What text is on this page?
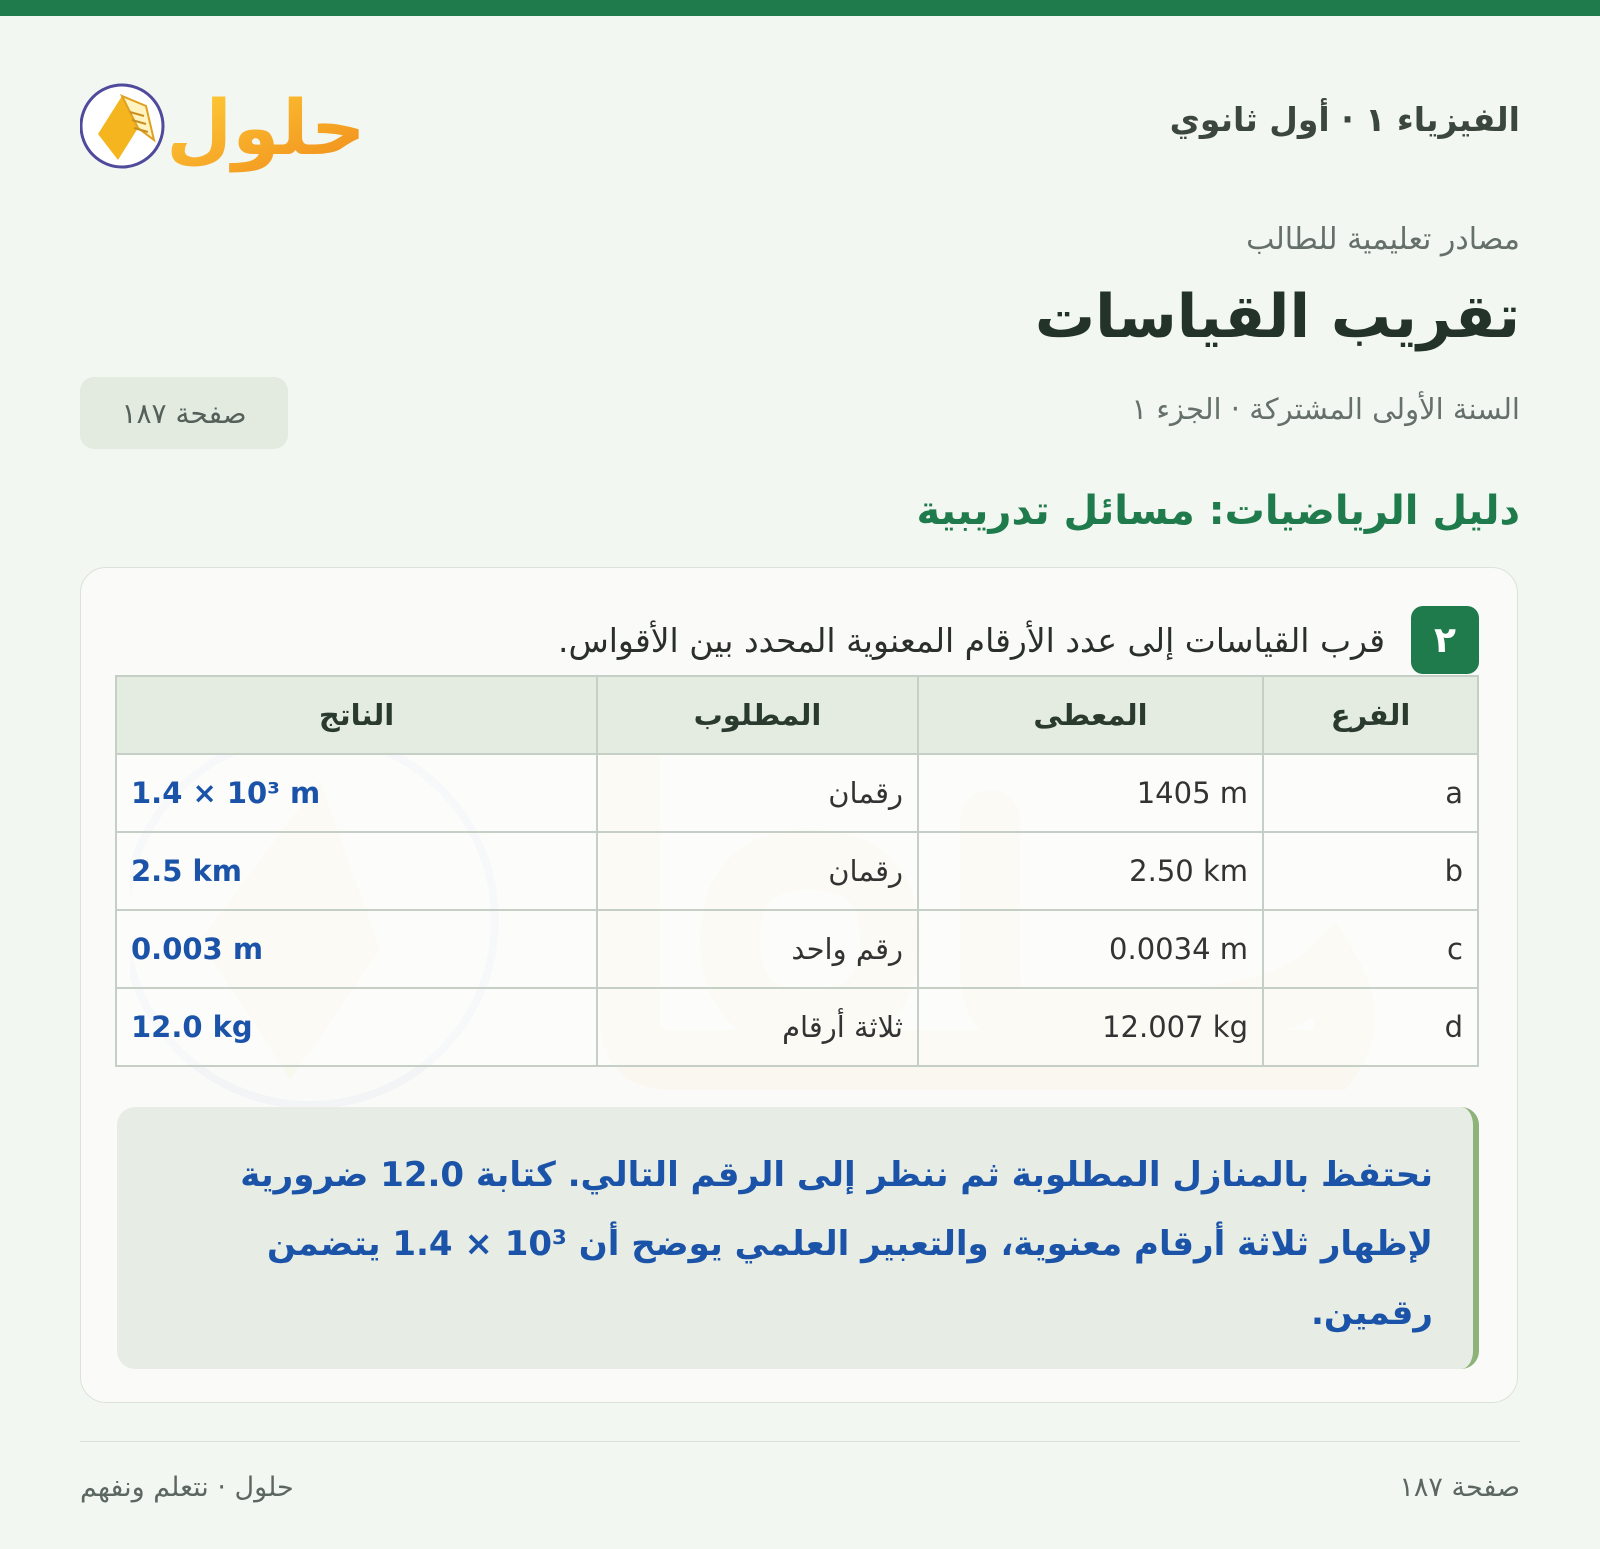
الفيزياء ١ · أول ثانوي
حلول
مصادر تعليمية للطالب
تقريب القياسات
السنة الأولى المشتركة · الجزء ١
صفحة ١٨٧
دليل الرياضيات: مسائل تدريبية
٢
قرب القياسات إلى عدد الأرقام المعنوية المحدد بين الأقواس.
الفرع	المعطى	المطلوب	الناتج
a	1405 m	رقمان	1.4 × 10³ m
b	2.50 km	رقمان	2.5 km
c	0.0034 m	رقم واحد	0.003 m
d	12.007 kg	ثلاثة أرقام	12.0 kg
نحتفظ بالمنازل المطلوبة ثم ننظر إلى الرقم التالي. كتابة 12.0 ضرورية لإظهار ثلاثة أرقام معنوية، والتعبير العلمي يوضح أن 10³ × 1.4 يتضمن رقمين.
صفحة ١٨٧
حلول · نتعلم ونفهم
